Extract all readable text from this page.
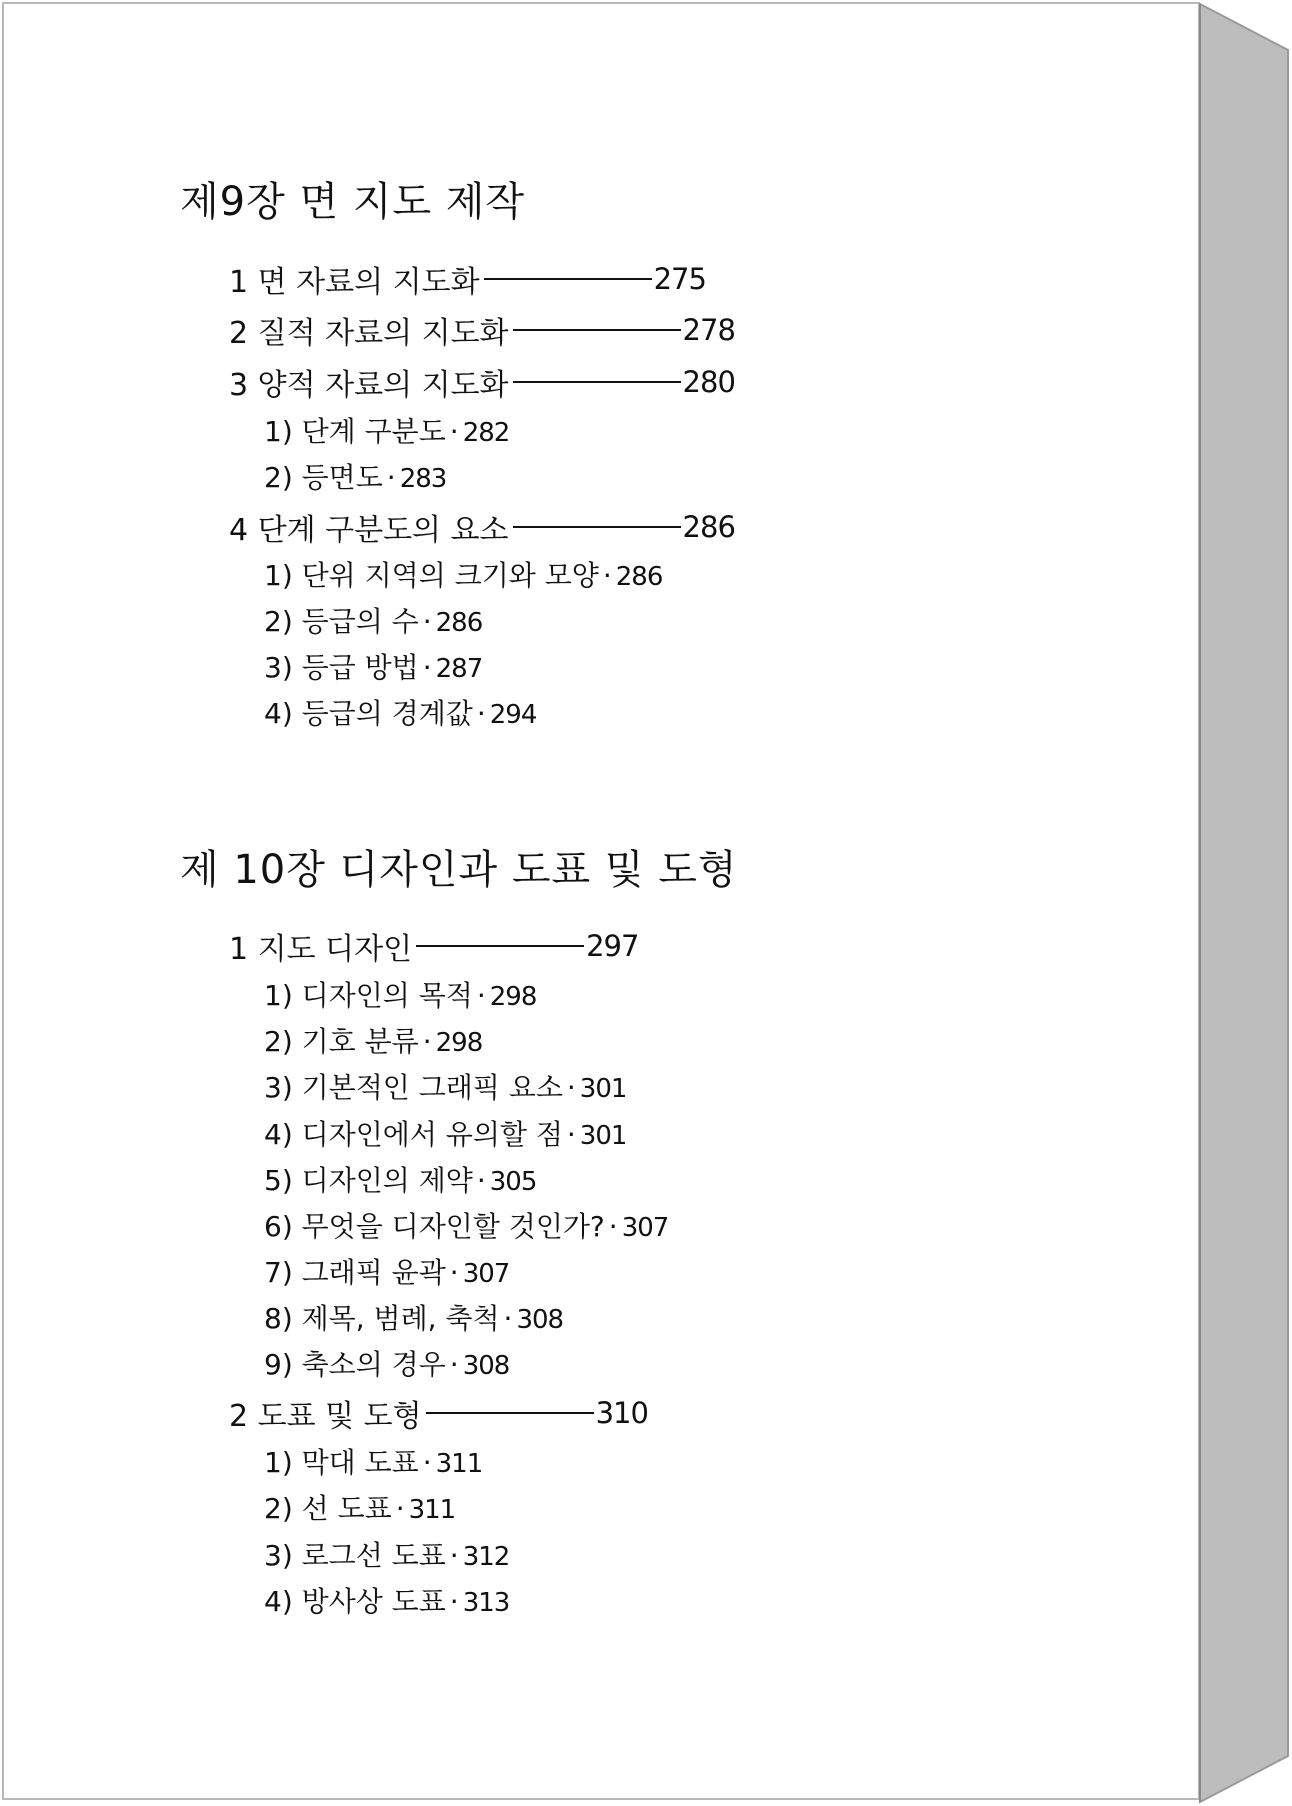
제9장 면 지도 제작
1 면 자료의 지도화	275
2 질적 자료의 지도화	278
3 양적 자료의 지도화	280
1) 단계 구분도 · 282
2) 등면도 · 283
4 단계 구분도의 요소	286
1) 단위 지역의 크기와 모양 · 286
2) 등급의 수 · 286
3) 등급 방법 · 287
4) 등급의 경계값 · 294
제 10장 디자인과 도표 및 도형
1 지도 디자인	297
1) 디자인의 목적 · 298
2) 기호 분류 · 298
3) 기본적인 그래픽 요소 · 301
4) 디자인에서 유의할 점 · 301
5) 디자인의 제약 · 305
6) 무엇을 디자인할 것인가? · 307
7) 그래픽 윤곽 · 307
8) 제목, 범례, 축척 · 308
9) 축소의 경우 · 308
2 도표 및 도형	310
1) 막대 도표 · 311
2) 선 도표 · 311
3) 로그선 도표 · 312
4) 방사상 도표 · 313
